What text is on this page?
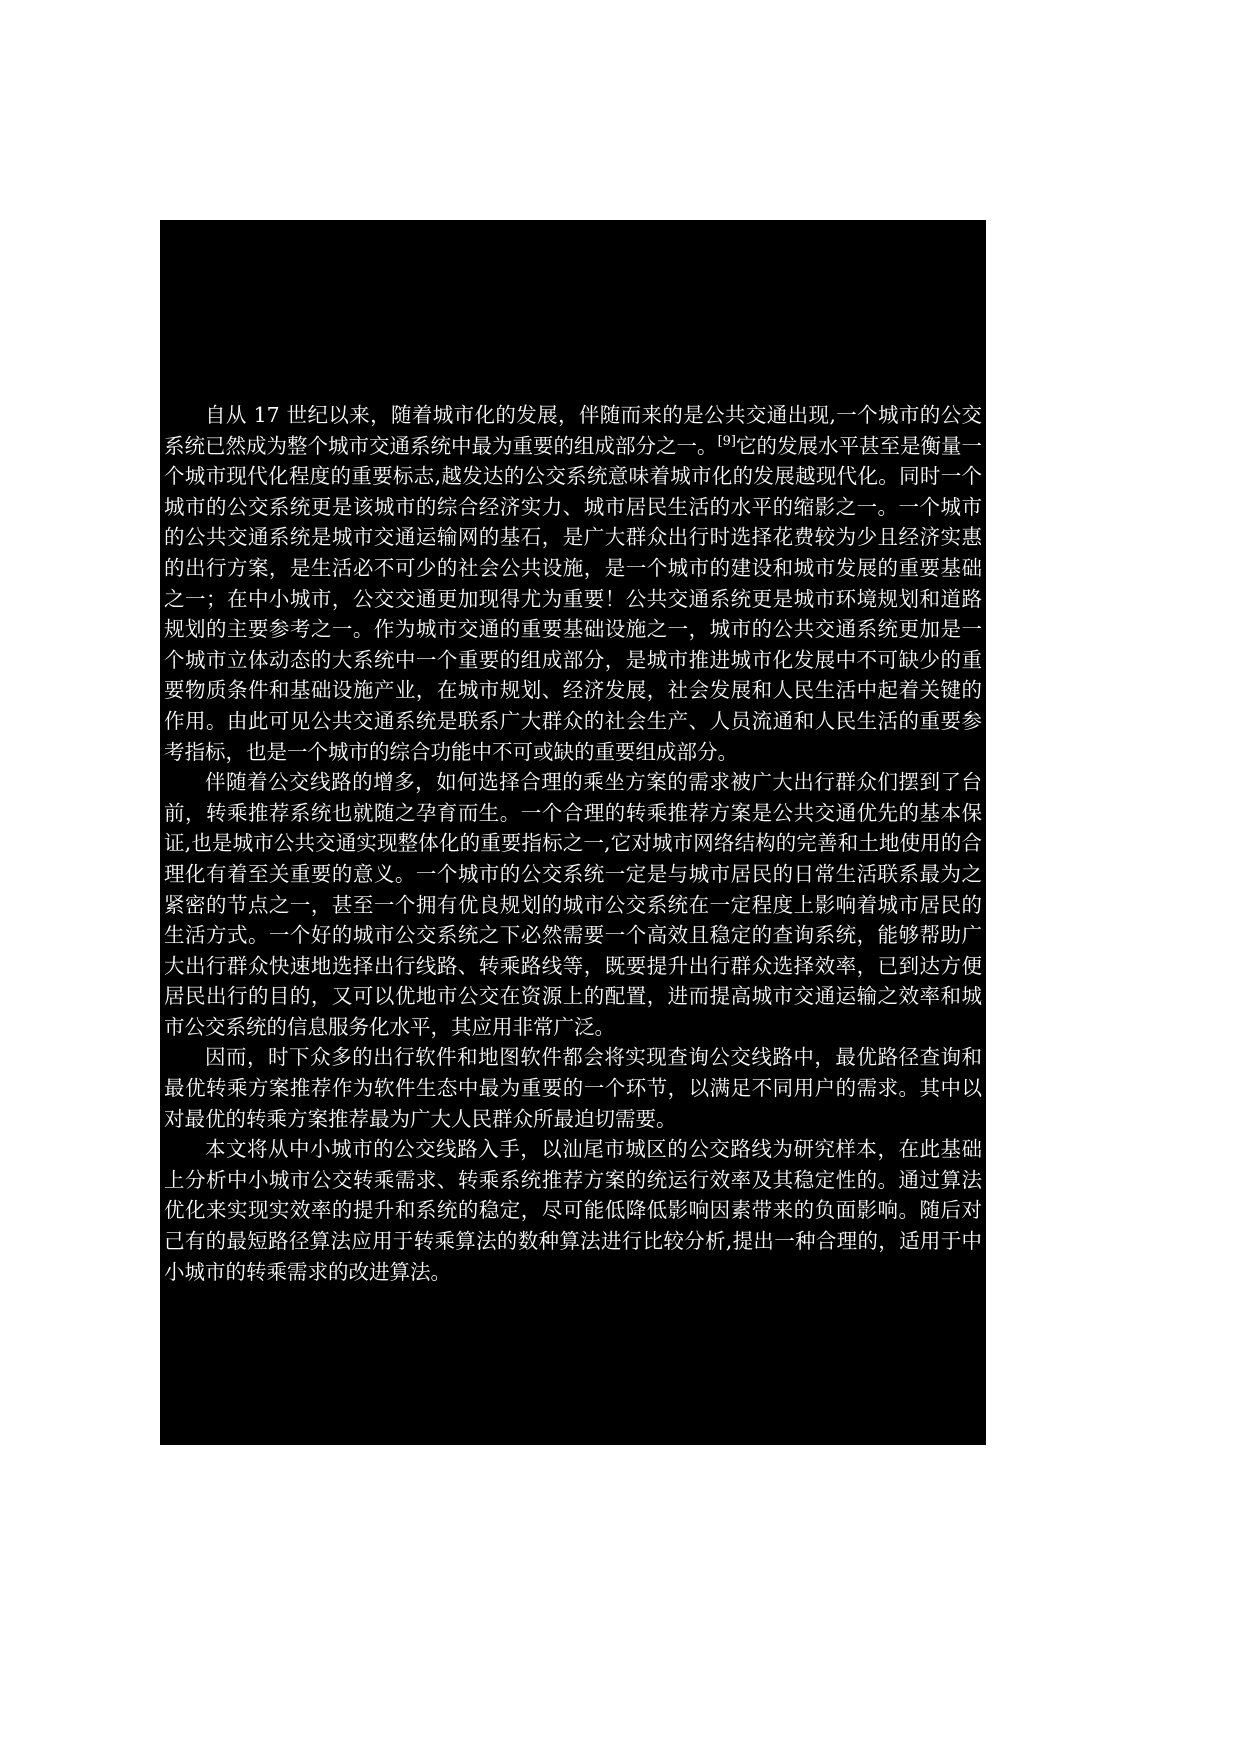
自从 17 世纪以来，随着城市化的发展，伴随而来的是公共交通出现,一个城市的公交系统已然成为整个城市交通系统中最为重要的组成部分之一。[9]它的发展水平甚至是衡量一个城市现代化程度的重要标志,越发达的公交系统意味着城市化的发展越现代化。同时一个城市的公交系统更是该城市的综合经济实力、城市居民生活的水平的缩影之一。一个城市的公共交通系统是城市交通运输网的基石，是广大群众出行时选择花费较为少且经济实惠的出行方案，是生活必不可少的社会公共设施，是一个城市的建设和城市发展的重要基础之一；在中小城市，公交交通更加现得尤为重要！公共交通系统更是城市环境规划和道路规划的主要参考之一。作为城市交通的重要基础设施之一，城市的公共交通系统更加是一个城市立体动态的大系统中一个重要的组成部分，是城市推进城市化发展中不可缺少的重要物质条件和基础设施产业，在城市规划、经济发展，社会发展和人民生活中起着关键的作用。由此可见公共交通系统是联系广大群众的社会生产、人员流通和人民生活的重要参考指标，也是一个城市的综合功能中不可或缺的重要组成部分。

伴随着公交线路的增多，如何选择合理的乘坐方案的需求被广大出行群众们摆到了台前，转乘推荐系统也就随之孕育而生。一个合理的转乘推荐方案是公共交通优先的基本保证,也是城市公共交通实现整体化的重要指标之一,它对城市网络结构的完善和土地使用的合理化有着至关重要的意义。一个城市的公交系统一定是与城市居民的日常生活联系最为之紧密的节点之一，甚至一个拥有优良规划的城市公交系统在一定程度上影响着城市居民的生活方式。一个好的城市公交系统之下必然需要一个高效且稳定的查询系统，能够帮助广大出行群众快速地选择出行线路、转乘路线等，既要提升出行群众选择效率，已到达方便居民出行的目的，又可以优地市公交在资源上的配置，进而提高城市交通运输之效率和城市公交系统的信息服务化水平，其应用非常广泛。

因而，时下众多的出行软件和地图软件都会将实现查询公交线路中，最优路径查询和最优转乘方案推荐作为软件生态中最为重要的一个环节，以满足不同用户的需求。其中以对最优的转乘方案推荐最为广大人民群众所最迫切需要。

本文将从中小城市的公交线路入手，以汕尾市城区的公交路线为研究样本，在此基础上分析中小城市公交转乘需求、转乘系统推荐方案的统运行效率及其稳定性的。通过算法优化来实现实效率的提升和系统的稳定，尽可能低降低影响因素带来的负面影响。随后对己有的最短路径算法应用于转乘算法的数种算法进行比较分析,提出一种合理的，适用于中小城市的转乘需求的改进算法。
